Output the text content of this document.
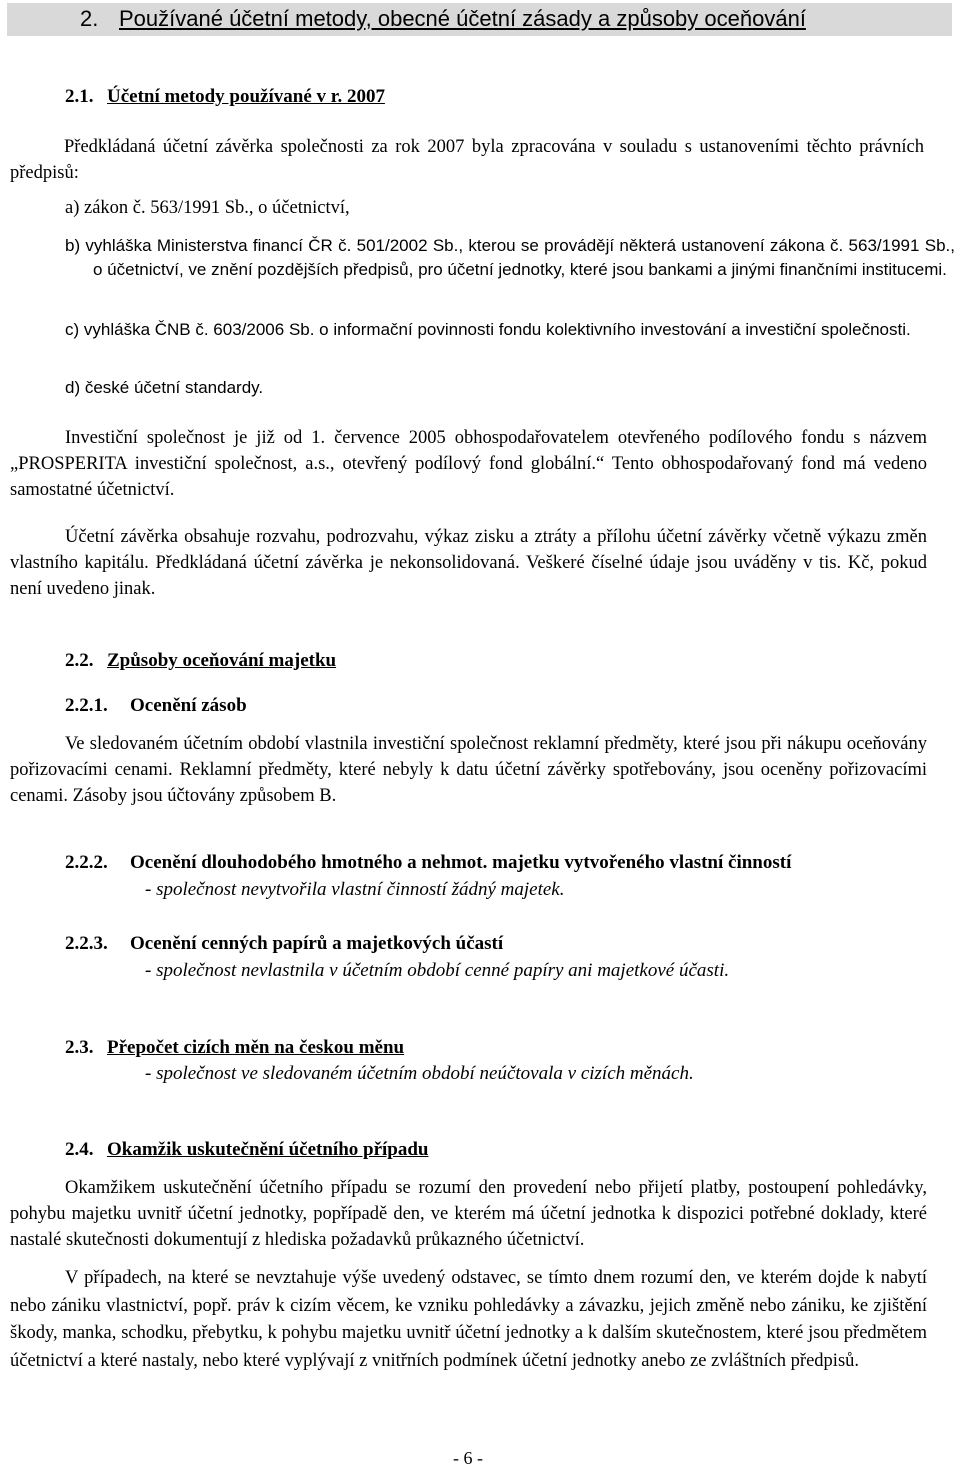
2. Používané účetní metody, obecné účetní zásady a způsoby oceňování
2.1. Účetní metody používané v r. 2007
Předkládaná účetní závěrka společnosti za rok 2007 byla zpracována v souladu s ustanoveními těchto právních předpisů:
a) zákon č. 563/1991 Sb., o účetnictví,
b) vyhláška Ministerstva financí ČR č. 501/2002 Sb., kterou se provádějí některá ustanovení zákona č. 563/1991 Sb., o účetnictví, ve znění pozdějších předpisů, pro účetní jednotky, které jsou bankami a jinými finančními institucemi.
c) vyhláška ČNB č. 603/2006 Sb. o informační povinnosti fondu kolektivního investování a investiční společnosti.
d) české účetní standardy.
Investiční společnost je již od 1. července 2005 obhospodařovatelem otevřeného podílového fondu s názvem „PROSPERITA investiční společnost, a.s., otevřený podílový fond globální.“ Tento obhospodařovaný fond má vedeno samostatné účetnictví.
Účetní závěrka obsahuje rozvahu, podrozvahu, výkaz zisku a ztráty a přílohu účetní závěrky včetně výkazu změn vlastního kapitálu. Předkládaná účetní závěrka je nekonsolidovaná. Veškeré číselné údaje jsou uváděny v tis. Kč, pokud není uvedeno jinak.
2.2. Způsoby oceňování majetku
2.2.1. Ocenění zásob
Ve sledovaném účetním období vlastnila investiční společnost reklamní předměty, které jsou při nákupu oceňovány pořizovacími cenami. Reklamní předměty, které nebyly k datu účetní závěrky spotřebovány, jsou oceněny pořizovacími cenami. Zásoby jsou účtovány způsobem B.
2.2.2. Ocenění dlouhodobého hmotného a nehmot. majetku vytvořeného vlastní činností
- společnost nevytvořila vlastní činností žádný majetek.
2.2.3. Ocenění cenných papírů a majetkových účastí
- společnost nevlastnila v účetním období cenné papíry ani majetkové účasti.
2.3. Přepočet cizích měn na českou měnu
- společnost ve sledovaném účetním období neúčtovala v cizích měnách.
2.4. Okamžik uskutečnění účetního případu
Okamžikem uskutečnění účetního případu se rozumí den provedení nebo přijetí platby, postoupení pohledávky, pohybu majetku uvnitř účetní jednotky, popřípadě den, ve kterém má účetní jednotka k dispozici potřebné doklady, které nastalé skutečnosti dokumentují z hlediska požadavků průkazného účetnictví.
V případech, na které se nevztahuje výše uvedený odstavec, se tímto dnem rozumí den, ve kterém dojde k nabytí nebo zániku vlastnictví, popř. práv k cizím věcem, ke vzniku pohledávky a závazku, jejich změně nebo zániku, ke zjištění škody, manka, schodku, přebytku, k pohybu majetku uvnitř účetní jednotky a k dalším skutečnostem, které jsou předmětem účetnictví a které nastaly, nebo které vyplývají z vnitřních podmínek účetní jednotky anebo ze zvláštních předpisů.
- 6 -
